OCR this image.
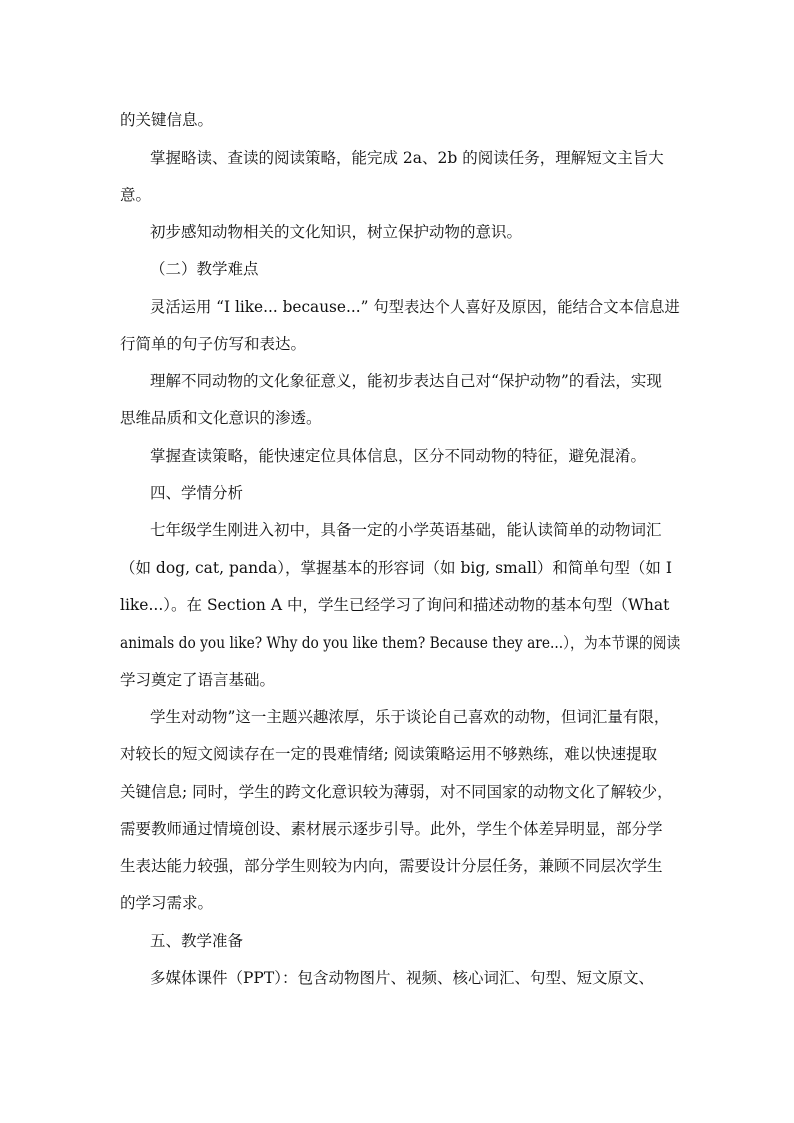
的关键信息。
掌握略读、查读的阅读策略，能完成 2a、2b 的阅读任务，理解短文主旨大
意。
初步感知动物相关的文化知识，树立保护动物的意识。
（二）教学难点
灵活运用 “I like... because...” 句型表达个人喜好及原因，能结合文本信息进
行简单的句子仿写和表达。
理解不同动物的文化象征意义，能初步表达自己对“保护动物”的看法，实现
思维品质和文化意识的渗透。
掌握查读策略，能快速定位具体信息，区分不同动物的特征，避免混淆。
四、学情分析
七年级学生刚进入初中，具备一定的小学英语基础，能认读简单的动物词汇
（如 dog, cat, panda），掌握基本的形容词（如 big, small）和简单句型（如 I
like...）。在 Section A 中，学生已经学习了询问和描述动物的基本句型（What
animals do you like? Why do you like them? Because they are...），为本节课的阅读
学习奠定了语言基础。
学生对动物”这一主题兴趣浓厚，乐于谈论自己喜欢的动物，但词汇量有限，
对较长的短文阅读存在一定的畏难情绪; 阅读策略运用不够熟练，难以快速提取
关键信息; 同时，学生的跨文化意识较为薄弱，对不同国家的动物文化了解较少，
需要教师通过情境创设、素材展示逐步引导。此外，学生个体差异明显，部分学
生表达能力较强，部分学生则较为内向，需要设计分层任务，兼顾不同层次学生
的学习需求。
五、教学准备
多媒体课件（PPT）：包含动物图片、视频、核心词汇、句型、短文原文、
